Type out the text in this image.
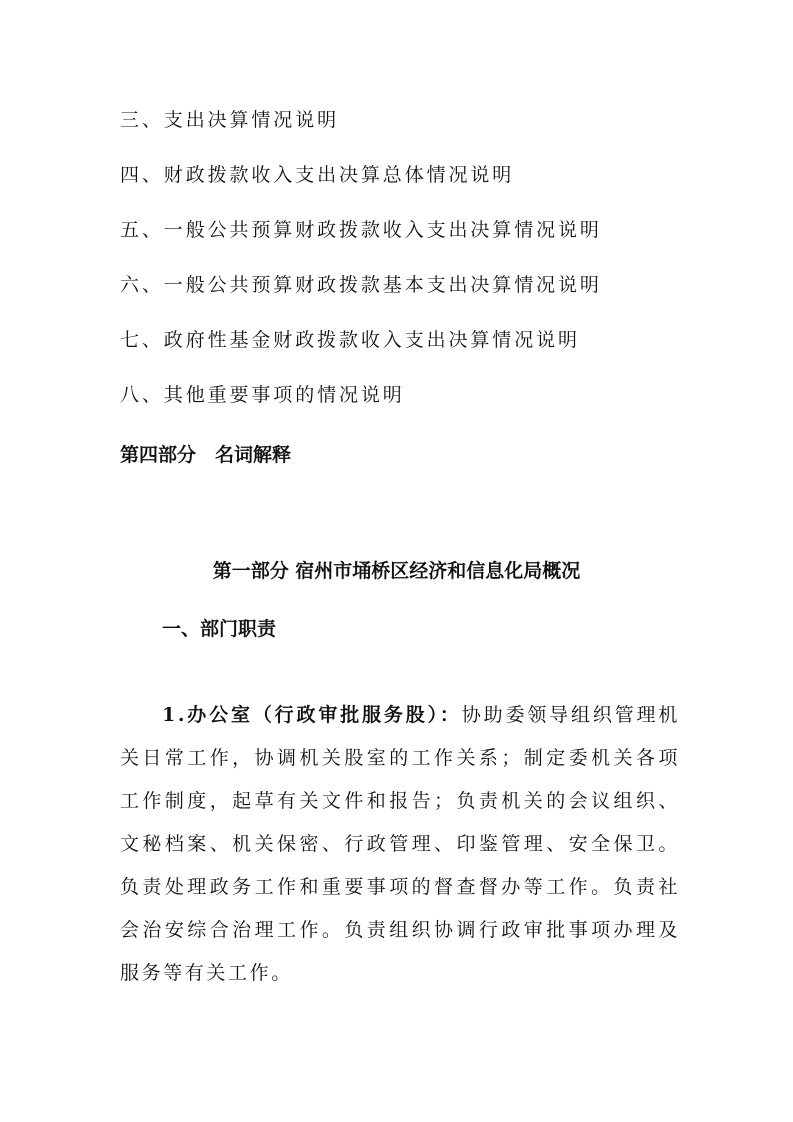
三、支出决算情况说明
四、财政拨款收入支出决算总体情况说明
五、一般公共预算财政拨款收入支出决算情况说明
六、一般公共预算财政拨款基本支出决算情况说明
七、政府性基金财政拨款收入支出决算情况说明
八、其他重要事项的情况说明
第四部分　名词解释
第一部分 宿州市埇桥区经济和信息化局概况
一、部门职责

1.办公室（行政审批服务股）：协助委领导组织管理机关日常工作，协调机关股室的工作关系；制定委机关各项工作制度，起草有关文件和报告；负责机关的会议组织、文秘档案、机关保密、行政管理、印鉴管理、安全保卫。负责处理政务工作和重要事项的督查督办等工作。负责社会治安综合治理工作。负责组织协调行政审批事项办理及服务等有关工作。
